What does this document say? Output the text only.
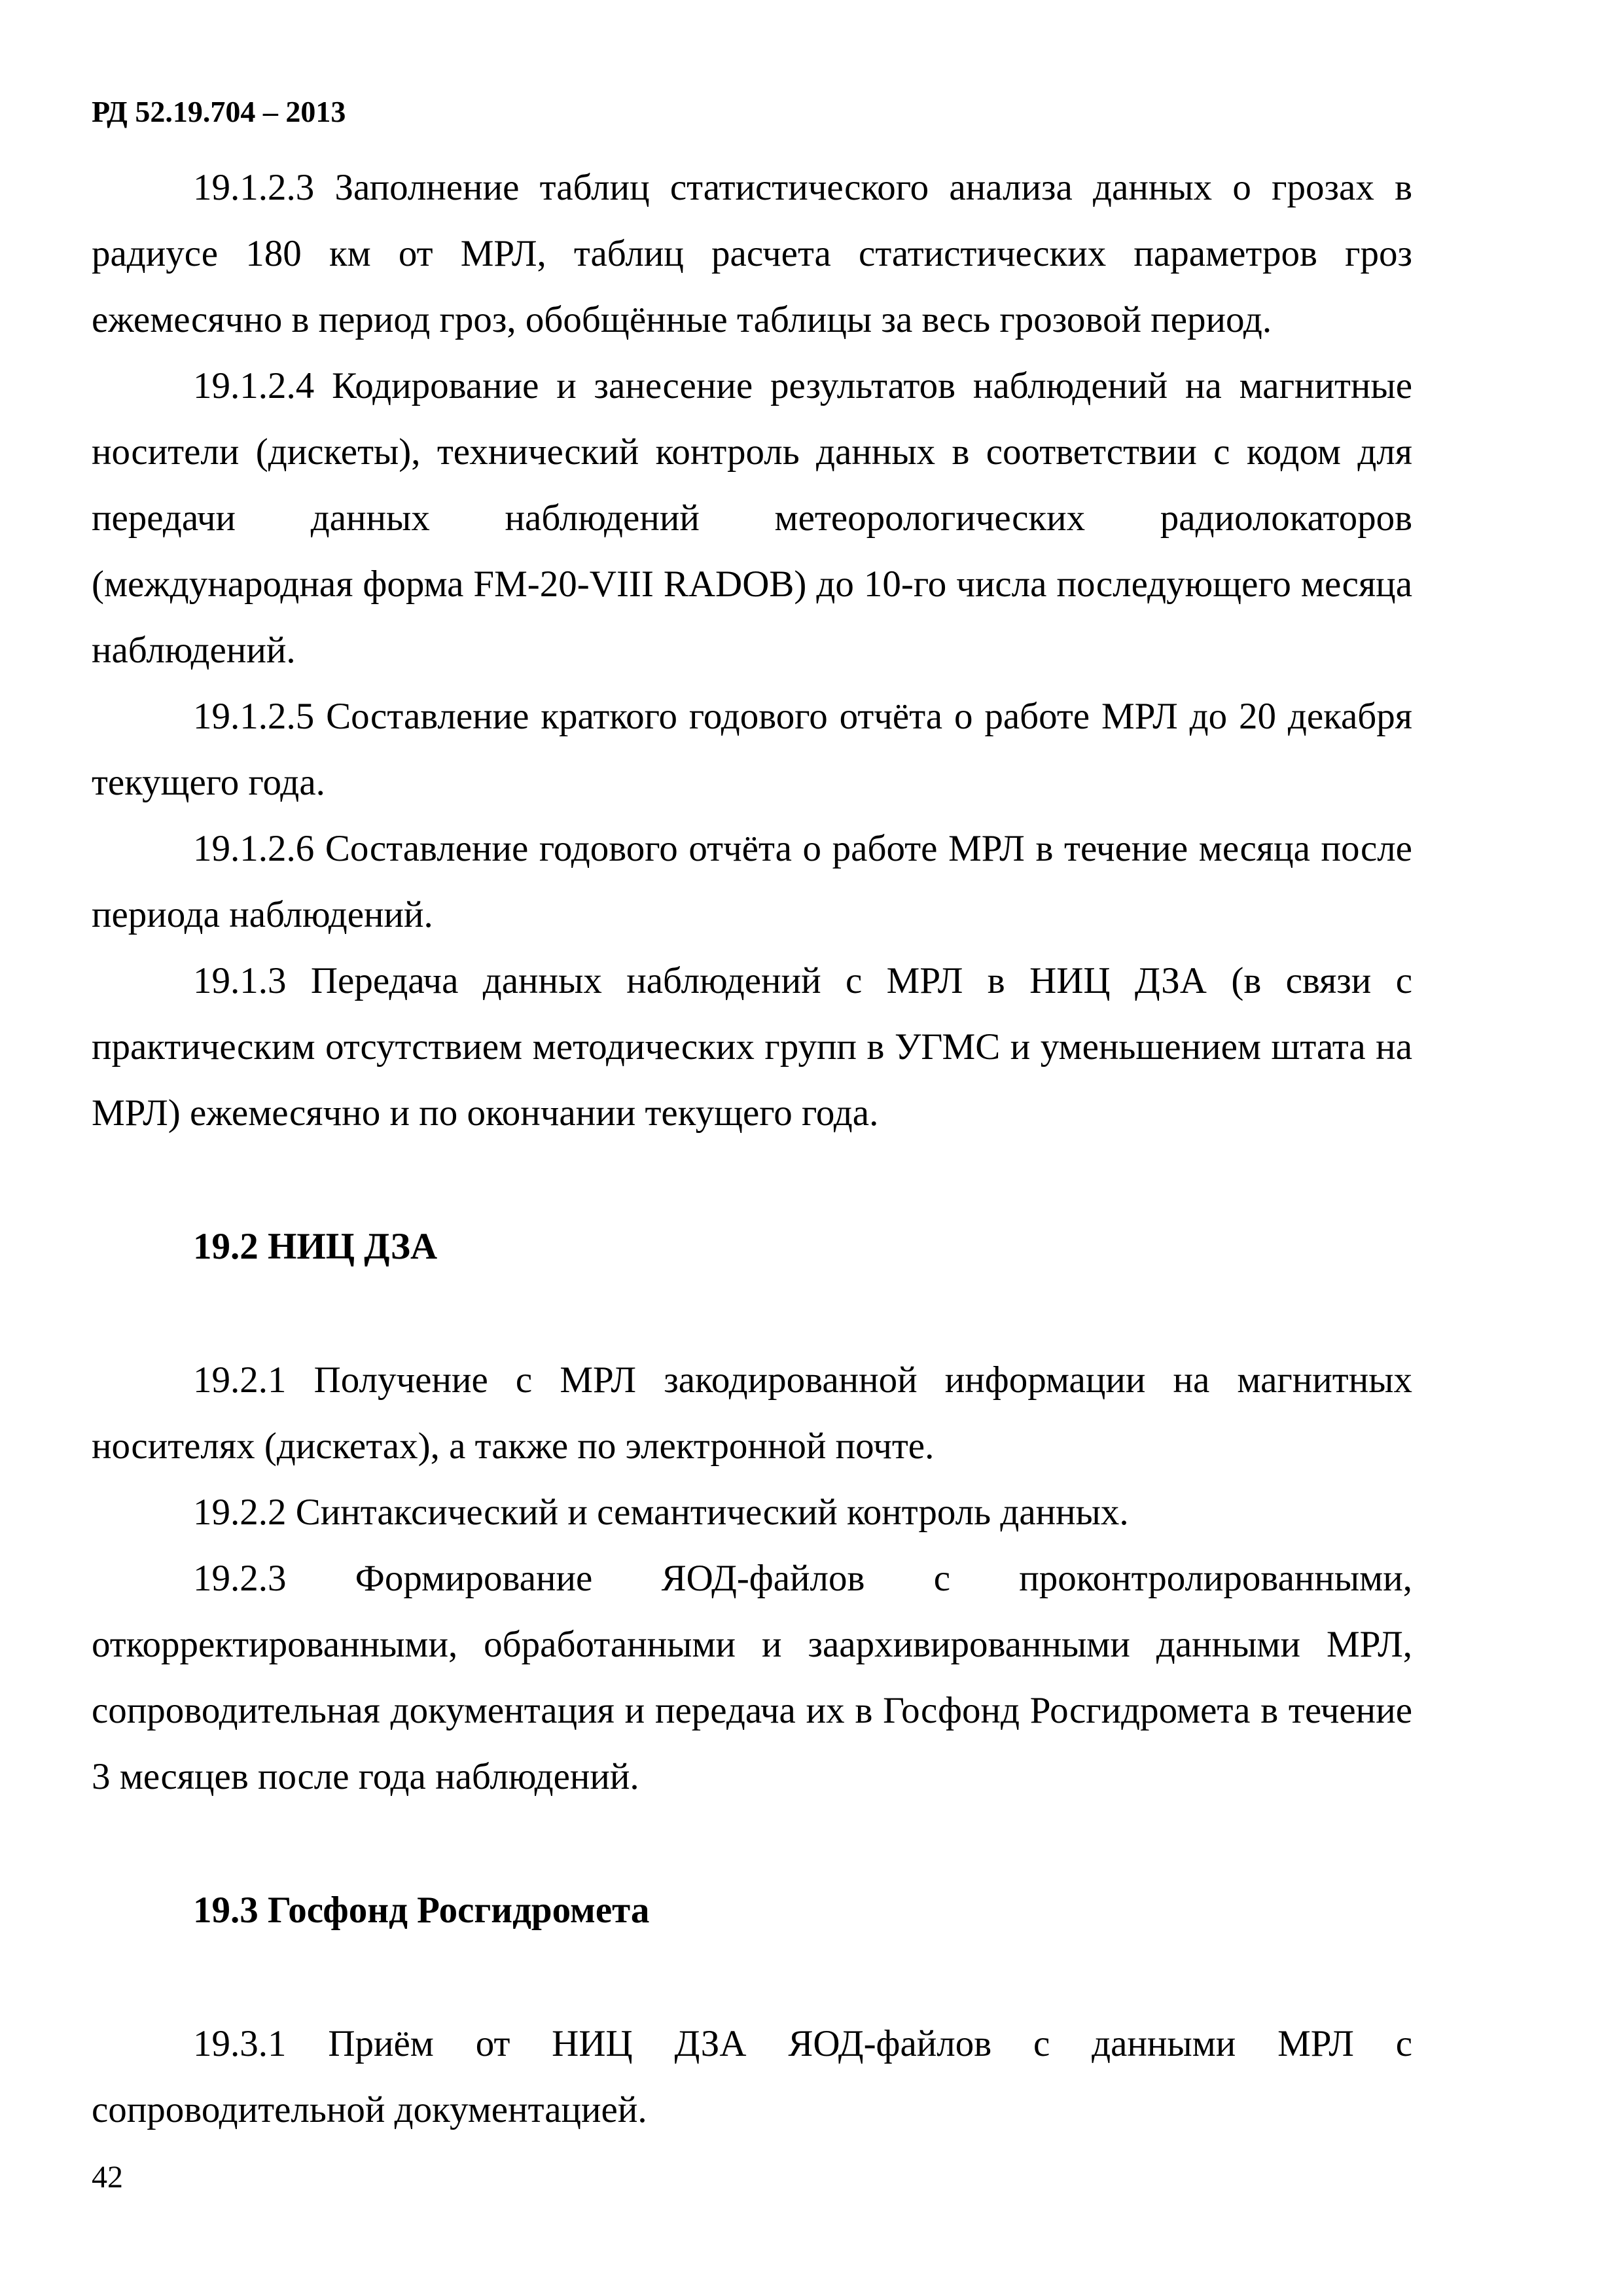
РД 52.19.704 – 2013

19.1.2.3 Заполнение таблиц статистического анализа данных о грозах в радиусе 180 км от МРЛ, таблиц расчета статистических параметров гроз ежемесячно в период гроз, обобщённые таблицы за весь грозовой период.

19.1.2.4 Кодирование и занесение результатов наблюдений на магнитные носители (дискеты), технический контроль данных в соответствии с кодом для передачи данных наблюдений метеорологических радиолокаторов (международная форма FM-20-VIII RADOB) до 10-го числа последующего месяца наблюдений.

19.1.2.5 Составление краткого годового отчёта о работе МРЛ до 20 декабря текущего года.

19.1.2.6 Составление годового отчёта о работе МРЛ в течение месяца после периода наблюдений.

19.1.3 Передача данных наблюдений с МРЛ в НИЦ ДЗА (в связи с практическим отсутствием методических групп в УГМС и уменьшением штата на МРЛ) ежемесячно и по окончании текущего года.

19.2 НИЦ ДЗА

19.2.1 Получение с МРЛ закодированной информации на магнитных носителях (дискетах), а также по электронной почте.

19.2.2 Синтаксический и семантический контроль данных.

19.2.3 Формирование ЯОД-файлов с проконтролированными, откорректированными, обработанными и заархивированными данными МРЛ, сопроводительная документация и передача их в Госфонд Росгидромета в течение 3 месяцев после года наблюдений.

19.3 Госфонд Росгидромета

19.3.1 Приём от НИЦ ДЗА ЯОД-файлов с данными МРЛ с сопроводительной документацией.

42
